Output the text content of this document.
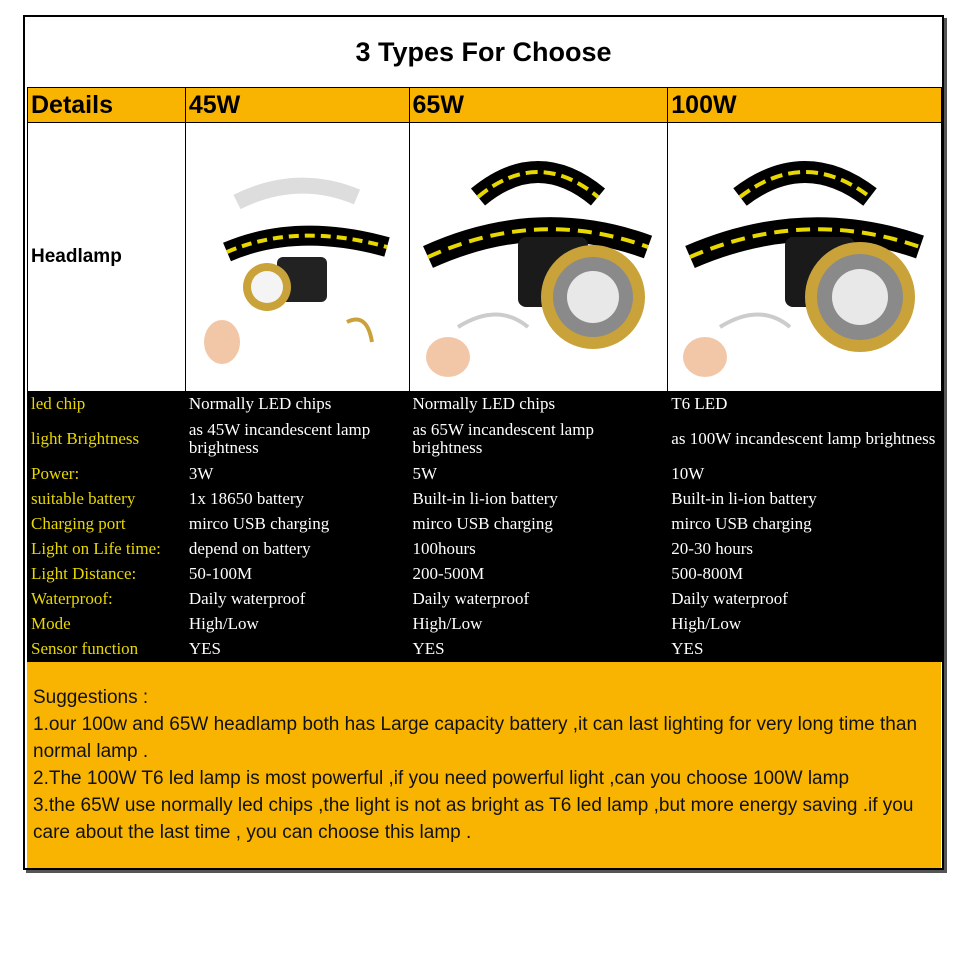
3 Types For Choose
Details	45W	65W	100W
Headlamp	

led chip	Normally LED chips	Normally LED chips	T6 LED
light Brightness	as 45W incandescent lamp brightness	as 65W incandescent lamp brightness	as 100W incandescent lamp brightness
Power:	3W	5W	10W
suitable battery	1x 18650 battery	Built-in li-ion battery	Built-in li-ion battery
Charging port	mirco USB charging	mirco USB charging	mirco USB charging
Light on Life time:	depend on battery	100hours	20-30 hours
Light Distance:	50-100M	200-500M	500-800M
Waterproof:	Daily waterproof	Daily waterproof	Daily waterproof
Mode	High/Low	High/Low	High/Low
Sensor function	YES	YES	YES

Suggestions :

1.our 100w and 65W headlamp both has Large capacity battery ,it can last lighting for very long time than normal lamp .

2.The 100W T6 led lamp is most powerful ,if you need powerful light ,can you choose 100W lamp

3.the 65W use normally led chips ,the light is not as bright as T6 led lamp ,but more energy saving .if you care about the last time , you can choose this lamp .
